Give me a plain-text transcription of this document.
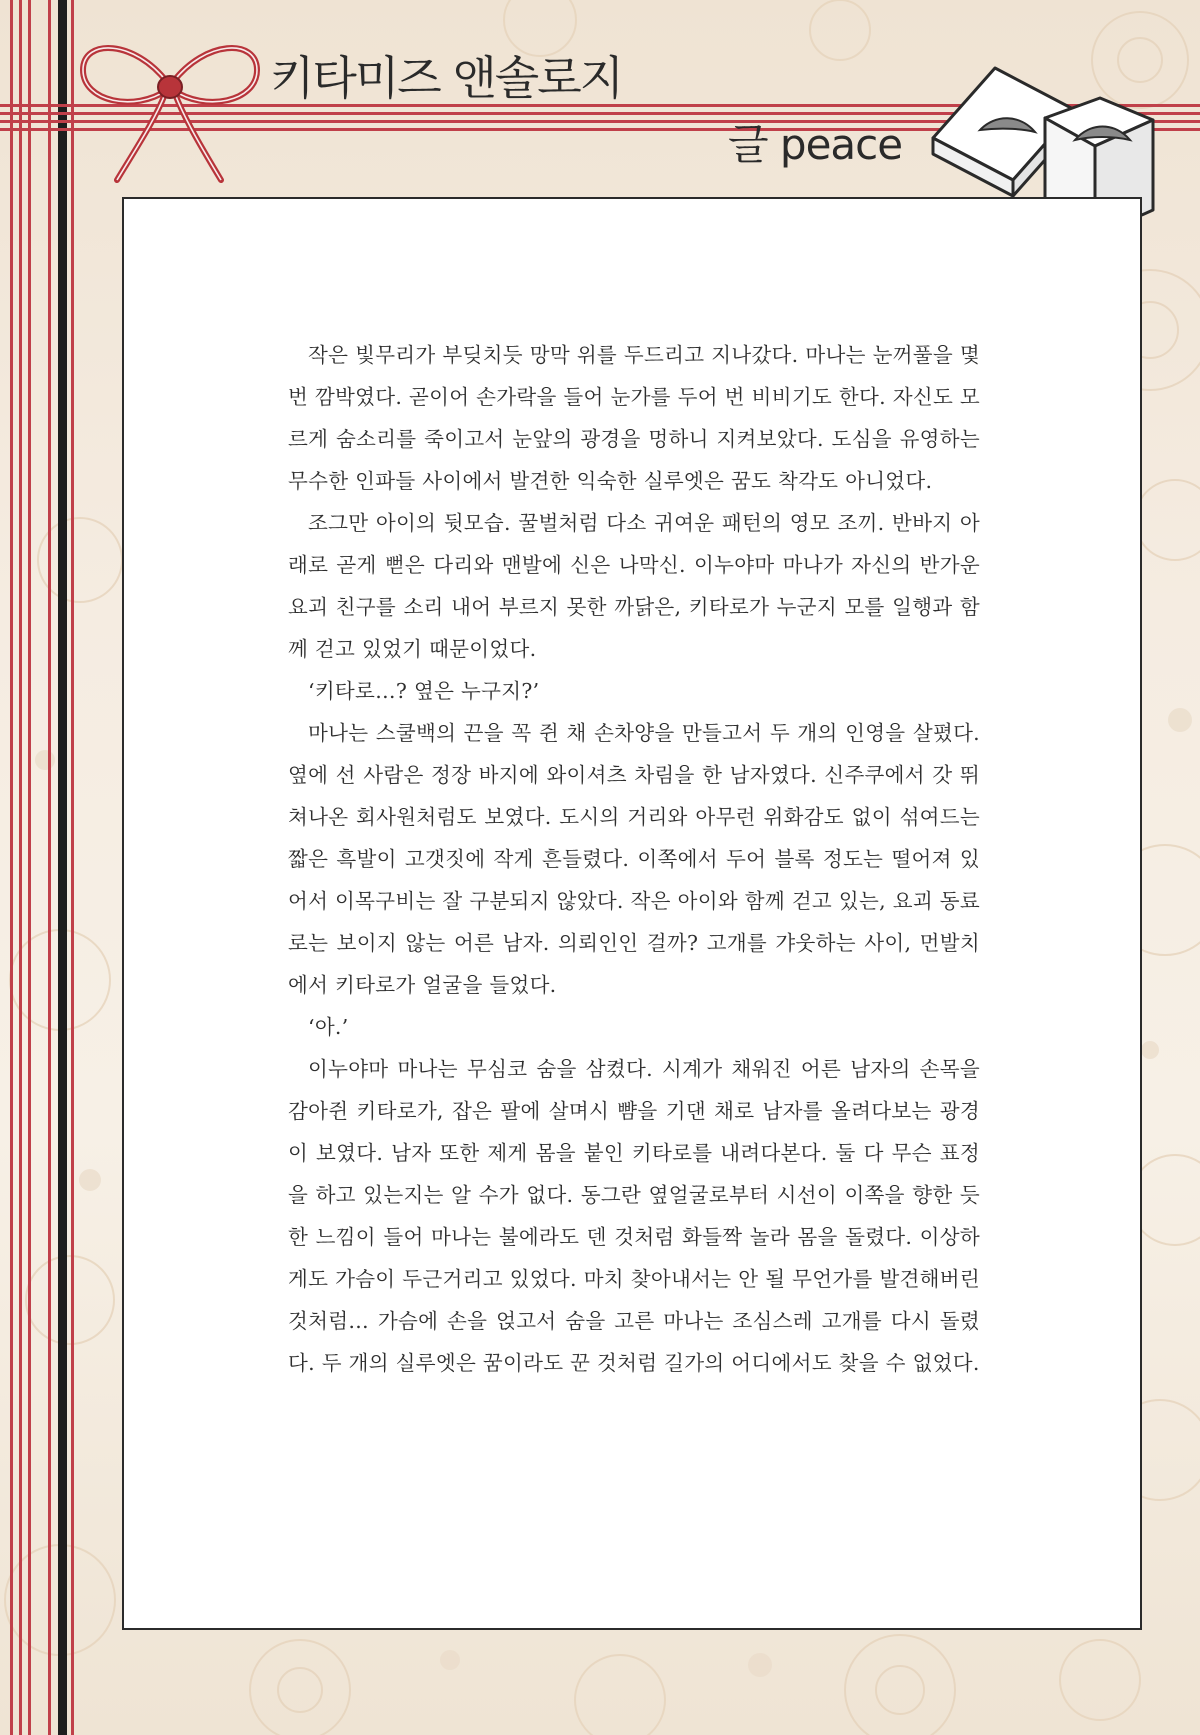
키타미즈 앤솔로지

글 peace

작은 빛무리가 부딪치듯 망막 위를 두드리고 지나갔다. 마나는 눈꺼풀을 몇 번 깜박였다. 곧이어 손가락을 들어 눈가를 두어 번 비비기도 한다. 자신도 모르게 숨소리를 죽이고서 눈앞의 광경을 멍하니 지켜보았다. 도심을 유영하는 무수한 인파들 사이에서 발견한 익숙한 실루엣은 꿈도 착각도 아니었다.

조그만 아이의 뒷모습. 꿀벌처럼 다소 귀여운 패턴의 영모 조끼. 반바지 아래로 곧게 뻗은 다리와 맨발에 신은 나막신. 이누야마 마나가 자신의 반가운 요괴 친구를 소리 내어 부르지 못한 까닭은, 키타로가 누군지 모를 일행과 함께 걷고 있었기 때문이었다.

‘키타로…? 옆은 누구지?’

마나는 스쿨백의 끈을 꼭 쥔 채 손차양을 만들고서 두 개의 인영을 살폈다. 옆에 선 사람은 정장 바지에 와이셔츠 차림을 한 남자였다. 신주쿠에서 갓 뛰쳐나온 회사원처럼도 보였다. 도시의 거리와 아무런 위화감도 없이 섞여드는 짧은 흑발이 고갯짓에 작게 흔들렸다. 이쪽에서 두어 블록 정도는 떨어져 있어서 이목구비는 잘 구분되지 않았다. 작은 아이와 함께 걷고 있는, 요괴 동료로는 보이지 않는 어른 남자. 의뢰인인 걸까? 고개를 갸웃하는 사이, 먼발치에서 키타로가 얼굴을 들었다.

‘아.’

이누야마 마나는 무심코 숨을 삼켰다. 시계가 채워진 어른 남자의 손목을 감아쥔 키타로가, 잡은 팔에 살며시 뺨을 기댄 채로 남자를 올려다보는 광경이 보였다. 남자 또한 제게 몸을 붙인 키타로를 내려다본다. 둘 다 무슨 표정을 하고 있는지는 알 수가 없다. 동그란 옆얼굴로부터 시선이 이쪽을 향한 듯한 느낌이 들어 마나는 불에라도 덴 것처럼 화들짝 놀라 몸을 돌렸다. 이상하게도 가슴이 두근거리고 있었다. 마치 찾아내서는 안 될 무언가를 발견해버린 것처럼… 가슴에 손을 얹고서 숨을 고른 마나는 조심스레 고개를 다시 돌렸다. 두 개의 실루엣은 꿈이라도 꾼 것처럼 길가의 어디에서도 찾을 수 없었다.
